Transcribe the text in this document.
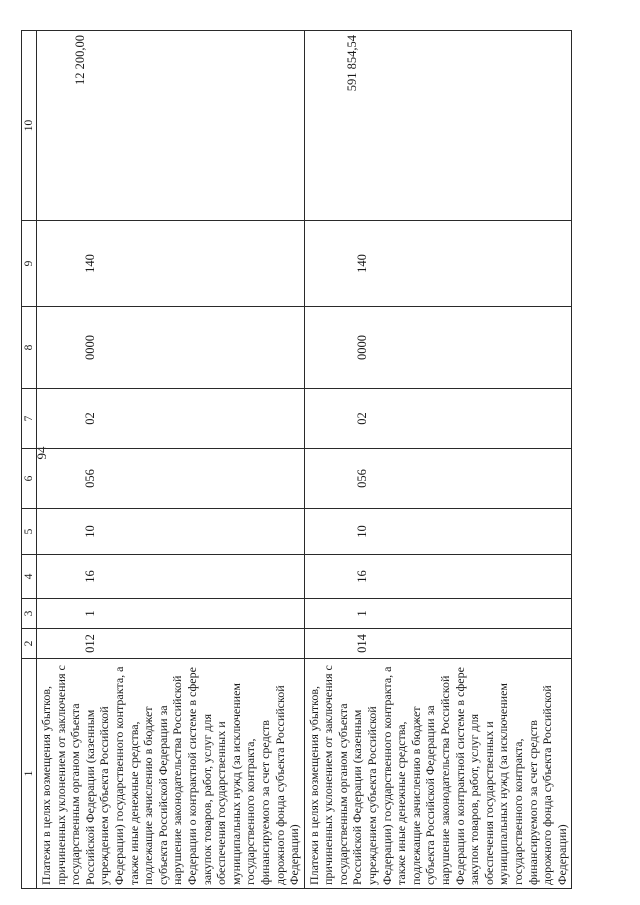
94
1	2	3	4	5	6	7	8	9	10
Платежи в целях возмещения убытков, причиненных уклонением от заключения с государственным органом субъекта Российской Федерации (казенным учреждением субъекта Российской Федерации) государственного контракта, а также иные денежные средства, подлежащие зачислению в бюджет субъекта Российской Федерации за нарушение законодательства Российской Федерации о контрактной системе в сфере закупок товаров, работ, услуг для обеспечения государственных и муниципальных нужд (за исключением государственного контракта, финансируемого за счет средств дорожного фонда субъекта Российской Федерации)	012	1	16	10	056	02	0000	140	12 200,00
Платежи в целях возмещения убытков, причиненных уклонением от заключения с государственным органом субъекта Российской Федерации (казенным учреждением субъекта Российской Федерации) государственного контракта, а также иные денежные средства, подлежащие зачислению в бюджет субъекта Российской Федерации за нарушение законодательства Российской Федерации о контрактной системе в сфере закупок товаров, работ, услуг для обеспечения государственных и муниципальных нужд (за исключением государственного контракта, финансируемого за счет средств дорожного фонда субъекта Российской Федерации)	014	1	16	10	056	02	0000	140	591 854,54
